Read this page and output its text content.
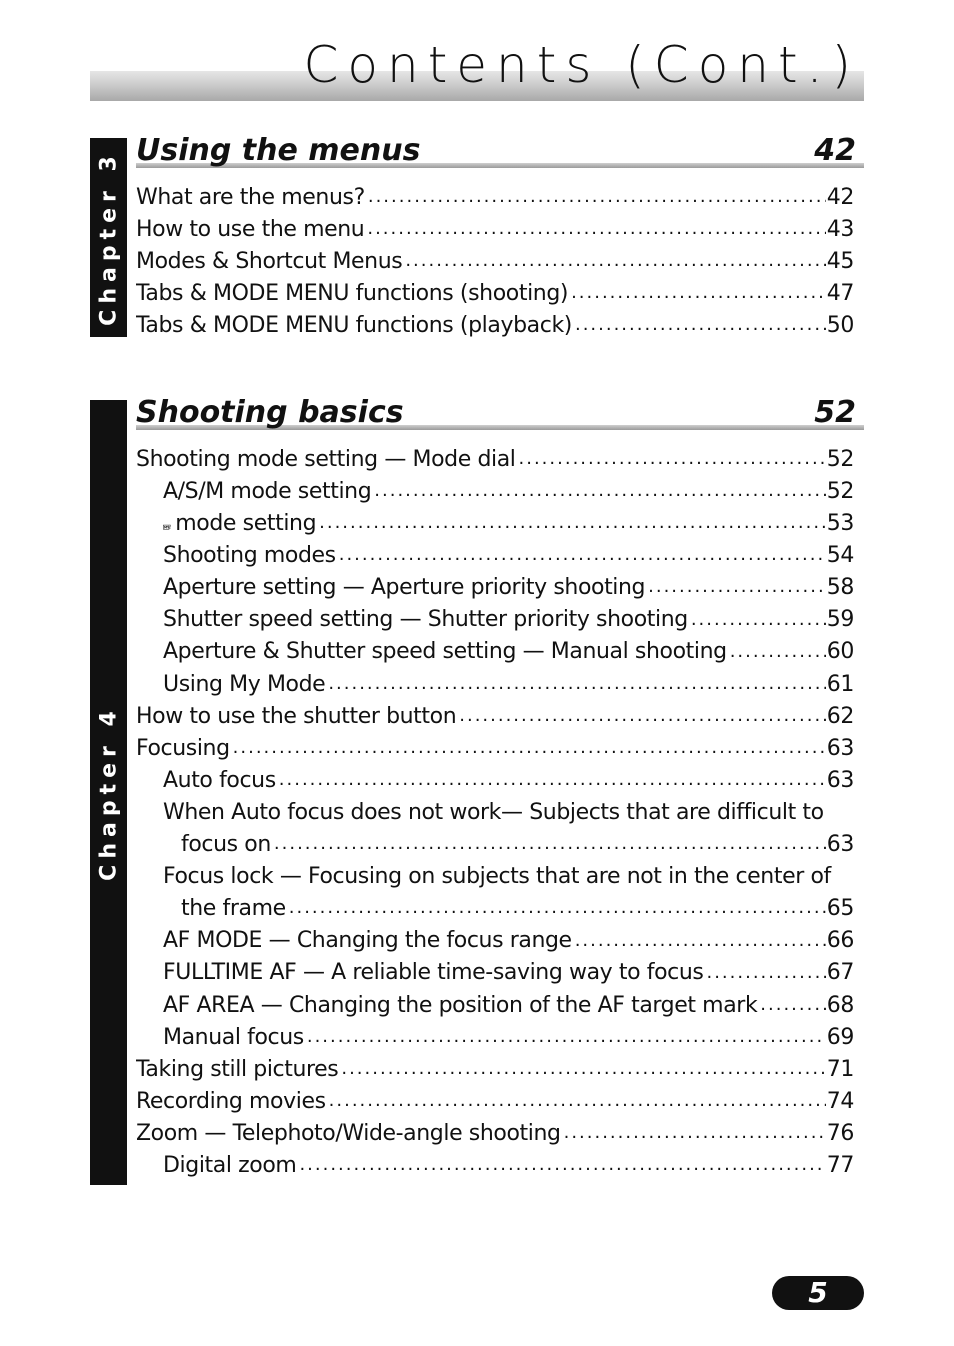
Contents (Cont.)
Chapter 3 Using the menus	42
What are the menus? .....	42
How to use the menu .....	43
Modes & Shortcut Menus .....	45
Tabs & MODE MENU functions (shooting) .....	47
Tabs & MODE MENU functions (playback) .....	50
Chapter 4
Shooting basics	52
Shooting mode setting — Mode dial .....	52
A/S/M mode setting .....	52
MY mode setting .....	53
Shooting modes .....	54
Aperture setting — Aperture priority shooting .....	58
Shutter speed setting — Shutter priority shooting .....	59
Aperture & Shutter speed setting — Manual shooting .....	60
Using My Mode .....	61
How to use the shutter button .....	62
Focusing .....	63
Auto focus .....	63
When Auto focus does not work— Subjects that are difficult to
focus on .....	63
Focus lock — Focusing on subjects that are not in the center of
the frame .....	65
AF MODE — Changing the focus range .....	66
FULLTIME AF — A reliable time-saving way to focus .....	67
AF AREA — Changing the position of the AF target mark .....	68
Manual focus .....	69
Taking still pictures .....	71
Recording movies .....	74
Zoom — Telephoto/Wide-angle shooting .....	76
Digital zoom .....	77
5
